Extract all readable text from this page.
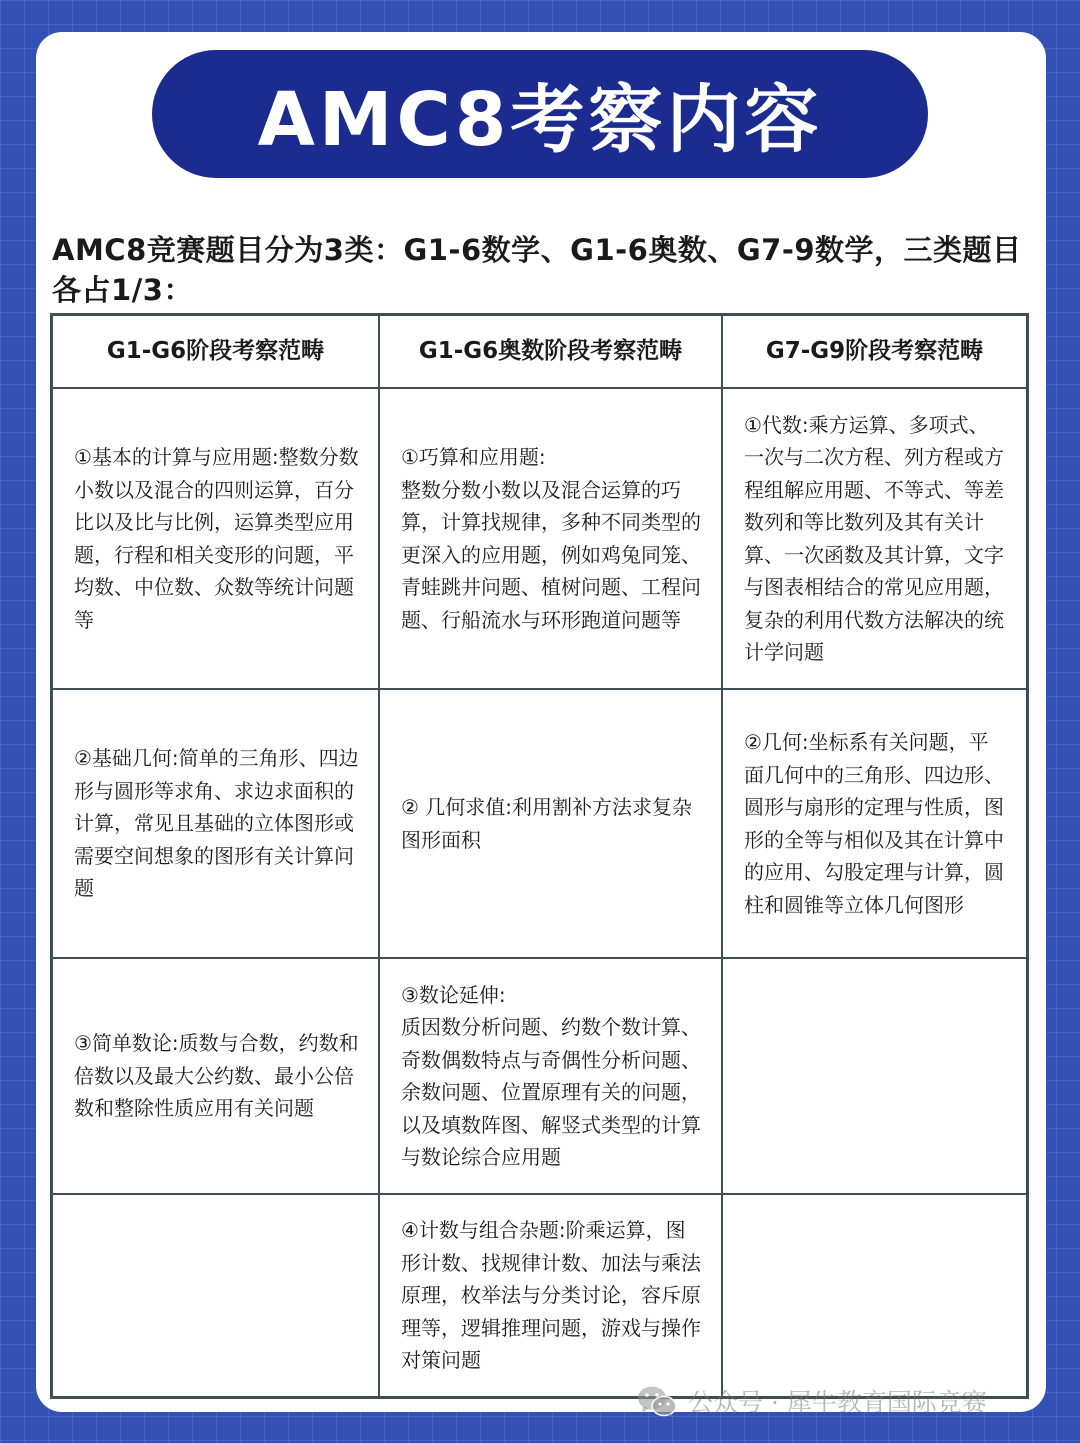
AMC8考察内容
AMC8竞赛题目分为3类：G1-6数学、G1-6奥数、G7-9数学，三类题目各占1/3：
G1-G6阶段考察范畴	G1-G6奥数阶段考察范畴	G7-G9阶段考察范畴
①基本的计算与应用题:整数分数小数以及混合的四则运算，百分比以及比与比例，运算类型应用题，行程和相关变形的问题，平均数、中位数、众数等统计问题等
①巧算和应用题:
整数分数小数以及混合运算的巧算，计算找规律，多种不同类型的更深入的应用题，例如鸡兔同笼、青蛙跳井问题、植树问题、工程问题、行船流水与环形跑道问题等
①代数:乘方运算、多项式、一次与二次方程、列方程或方程组解应用题、不等式、等差数列和等比数列及其有关计算、一次函数及其计算，文字与图表相结合的常见应用题，复杂的利用代数方法解决的统计学问题
②基础几何:简单的三角形、四边形与圆形等求角、求边求面积的计算，常见且基础的立体图形或需要空间想象的图形有关计算问题
② 几何求值:利用割补方法求复杂图形面积
②几何:坐标系有关问题，平面几何中的三角形、四边形、圆形与扇形的定理与性质，图形的全等与相似及其在计算中的应用、勾股定理与计算，圆柱和圆锥等立体几何图形
③简单数论:质数与合数，约数和倍数以及最大公约数、最小公倍数和整除性质应用有关问题
③数论延伸:
质因数分析问题、约数个数计算、奇数偶数特点与奇偶性分析问题、余数问题、位置原理有关的问题，以及填数阵图、解竖式类型的计算与数论综合应用题
④计数与组合杂题:阶乘运算，图形计数、找规律计数、加法与乘法原理，枚举法与分类讨论，容斥原理等，逻辑推理问题，游戏与操作对策问题
公众号 · 犀牛教育国际竞赛
